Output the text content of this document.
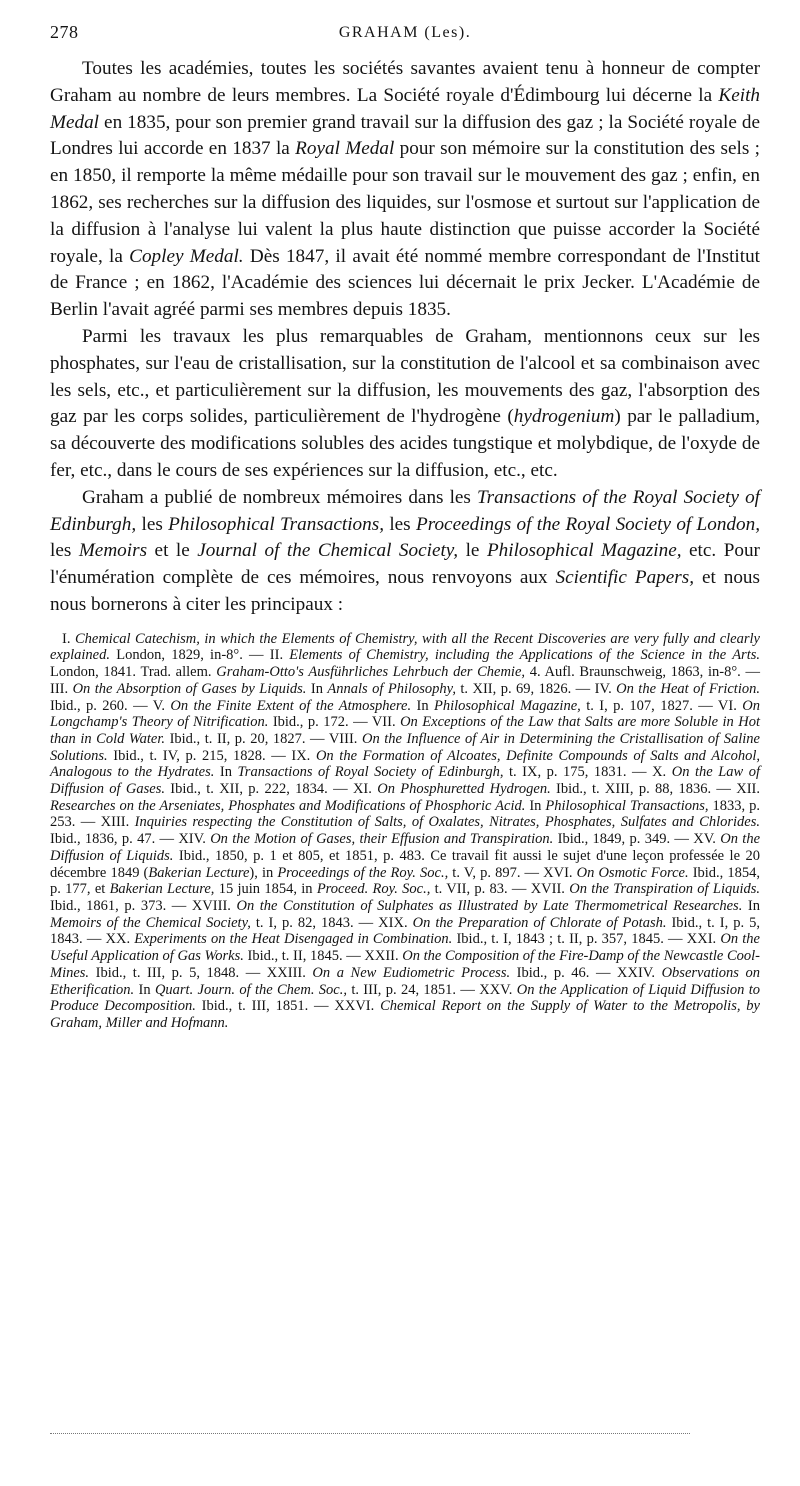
278	GRAHAM (Les).

Toutes les académies, toutes les sociétés savantes avaient tenu à honneur de compter Graham au nombre de leurs membres. La Société royale d'Édimbourg lui décerne la Keith Medal en 1835, pour son premier grand travail sur la diffusion des gaz ; la Société royale de Londres lui accorde en 1837 la Royal Medal pour son mémoire sur la constitution des sels ; en 1850, il remporte la même médaille pour son travail sur le mouvement des gaz ; enfin, en 1862, ses recherches sur la diffusion des liquides, sur l'osmose et surtout sur l'application de la diffusion à l'analyse lui valent la plus haute distinction que puisse accorder la Société royale, la Copley Medal. Dès 1847, il avait été nommé membre correspondant de l'Institut de France ; en 1862, l'Académie des sciences lui décernait le prix Jecker. L'Académie de Berlin l'avait agréé parmi ses membres depuis 1835.

Parmi les travaux les plus remarquables de Graham, mentionnons ceux sur les phosphates, sur l'eau de cristallisation, sur la constitution de l'alcool et sa combinaison avec les sels, etc., et particulièrement sur la diffusion, les mouvements des gaz, l'absorption des gaz par les corps solides, particulièrement de l'hydrogène (hydrogenium) par le palladium, sa découverte des modifications solubles des acides tungstique et molybdique, de l'oxyde de fer, etc., dans le cours de ses expériences sur la diffusion, etc., etc.

Graham a publié de nombreux mémoires dans les Transactions of the Royal Society of Edinburgh, les Philosophical Transactions, les Proceedings of the Royal Society of London, les Memoirs et le Journal of the Chemical Society, le Philosophical Magazine, etc. Pour l'énumération complète de ces mémoires, nous renvoyons aux Scientific Papers, et nous nous bornerons à citer les principaux :

I. Chemical Catechism, in which the Elements of Chemistry, with all the Recent Discoveries are very fully and clearly explained. London, 1829, in-8°. — II. Elements of Chemistry, including the Applications of the Science in the Arts. London, 1841. Trad. allem. Graham-Otto's Ausführliches Lehrbuch der Chemie, 4. Aufl. Braunschweig, 1863, in-8°. — III. On the Absorption of Gases by Liquids. In Annals of Philosophy, t. XII, p. 69, 1826. — IV. On the Heat of Friction. Ibid., p. 260. — V. On the Finite Extent of the Atmosphere. In Philosophical Magazine, t. I, p. 107, 1827. — VI. On Longchamp's Theory of Nitrification. Ibid., p. 172. — VII. On Exceptions of the Law that Salts are more Soluble in Hot than in Cold Water. Ibid., t. II, p. 20, 1827. — VIII. On the Influence of Air in Determining the Cristallisation of Saline Solutions. Ibid., t. IV, p. 215, 1828. — IX. On the Formation of Alcoates, Definite Compounds of Salts and Alcohol, Analogous to the Hydrates. In Transactions of Royal Society of Edinburgh, t. IX, p. 175, 1831. — X. On the Law of Diffusion of Gases. Ibid., t. XII, p. 222, 1834. — XI. On Phosphuretted Hydrogen. Ibid., t. XIII, p. 88, 1836. — XII. Researches on the Arseniates, Phosphates and Modifications of Phosphoric Acid. In Philosophical Transactions, 1833, p. 253. — XIII. Inquiries respecting the Constitution of Salts, of Oxalates, Nitrates, Phosphates, Sulfates and Chlorides. Ibid., 1836, p. 47. — XIV. On the Motion of Gases, their Effusion and Transpiration. Ibid., 1849, p. 349. — XV. On the Diffusion of Liquids. Ibid., 1850, p. 1 et 805, et 1851, p. 483. Ce travail fit aussi le sujet d'une leçon professée le 20 décembre 1849 (Bakerian Lecture), in Proceedings of the Roy. Soc., t. V, p. 897. — XVI. On Osmotic Force. Ibid., 1854, p. 177, et Bakerian Lecture, 15 juin 1854, in Proceed. Roy. Soc., t. VII, p. 83. — XVII. On the Transpiration of Liquids. Ibid., 1861, p. 373. — XVIII. On the Constitution of Sulphates as Illustrated by Late Thermometrical Researches. In Memoirs of the Chemical Society, t. I, p. 82, 1843. — XIX. On the Preparation of Chlorate of Potash. Ibid., t. I, p. 5, 1843. — XX. Experiments on the Heat Disengaged in Combination. Ibid., t. I, 1843 ; t. II, p. 357, 1845. — XXI. On the Useful Application of Gas Works. Ibid., t. II, 1845. — XXII. On the Composition of the Fire-Damp of the Newcastle Cool-Mines. Ibid., t. III, p. 5, 1848. — XXIII. On a New Eudiometric Process. Ibid., p. 46. — XXIV. Observations on Etherification. In Quart. Journ. of the Chem. Soc., t. III, p. 24, 1851. — XXV. On the Application of Liquid Diffusion to Produce Decomposition. Ibid., t. III, 1851. — XXVI. Chemical Report on the Supply of Water to the Metropolis, by Graham, Miller and Hofmann.
